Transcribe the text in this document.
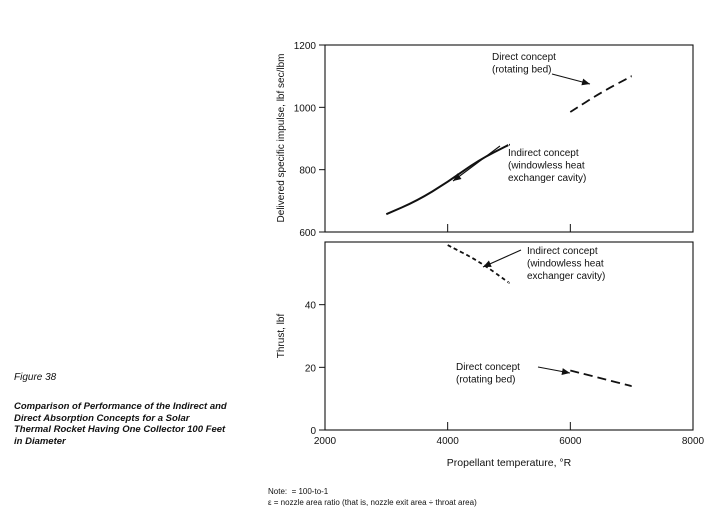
600
800
1000
1200
Direct concept (rotating bed)
Indirect concept (windowless heat exchanger cavity)
Delivered specific impulse, lbf sec/lbm
0
20
40
2000	4000	6000	8000
Indirect concept (windowless heat exchanger cavity)
Direct concept (rotating bed)
Thrust, lbf
Propellant temperature, °R
Figure 38
Comparison of Performance of the Indirect and Direct Absorption Concepts for a Solar Thermal Rocket Having One Collector 100 Feet in Diameter
Note:  = 100-to-1
ε = nozzle area ratio (that is, nozzle exit area ÷ throat area)
